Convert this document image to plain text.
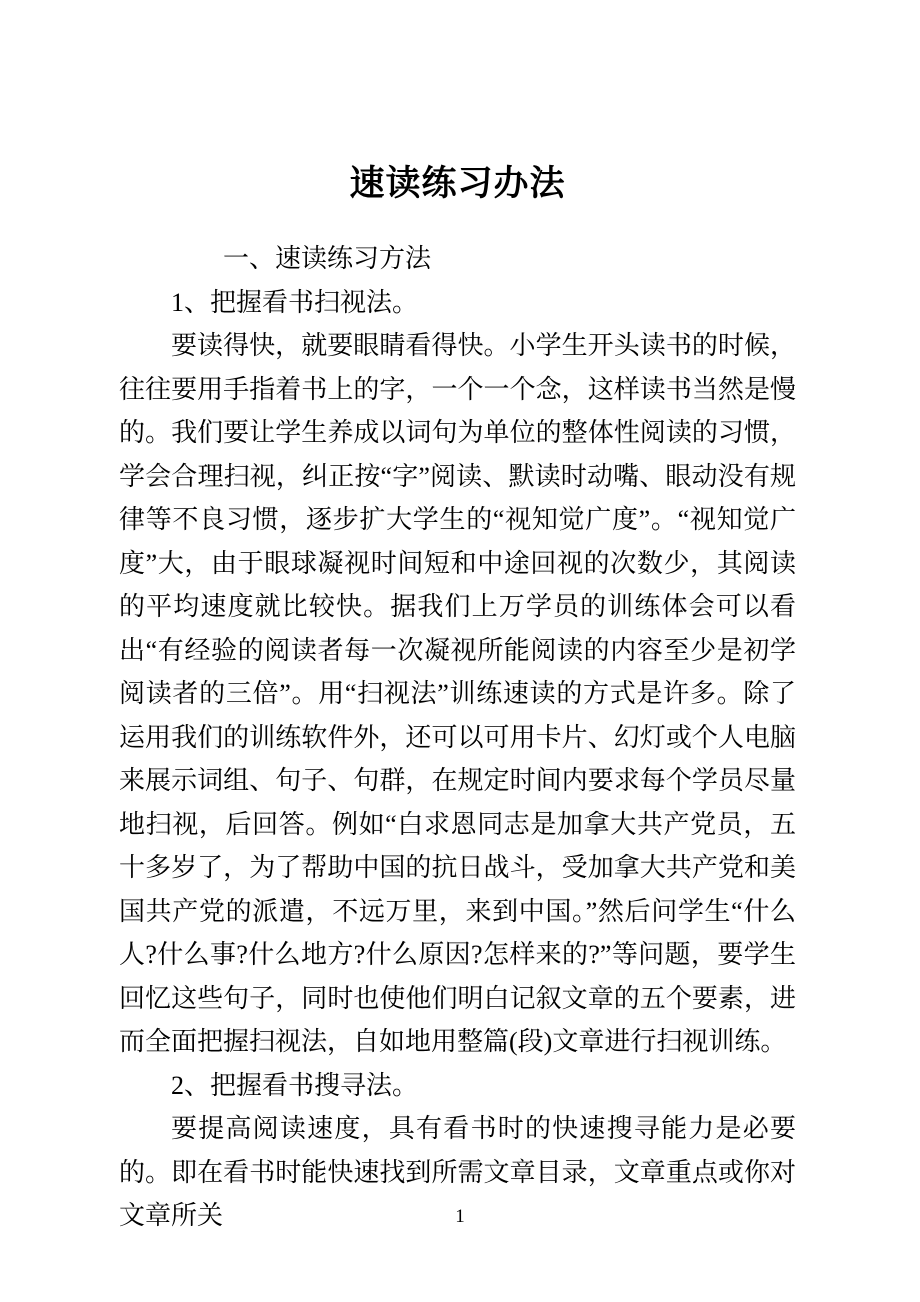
速读练习办法

一、速读练习方法

1、把握看书扫视法。

要读得快，就要眼睛看得快。小学生开头读书的时候，往往要用手指着书上的字，一个一个念，这样读书当然是慢的。我们要让学生养成以词句为单位的整体性阅读的习惯，学会合理扫视，纠正按“字”阅读、默读时动嘴、眼动没有规律等不良习惯，逐步扩大学生的“视知觉广度”。“视知觉广度”大，由于眼球凝视时间短和中途回视的次数少，其阅读的平均速度就比较快。据我们上万学员的训练体会可以看出“有经验的阅读者每一次凝视所能阅读的内容至少是初学阅读者的三倍”。用“扫视法”训练速读的方式是许多。除了运用我们的训练软件外，还可以可用卡片、幻灯或个人电脑来展示词组、句子、句群，在规定时间内要求每个学员尽量地扫视，后回答。例如“白求恩同志是加拿大共产党员，五十多岁了，为了帮助中国的抗日战斗，受加拿大共产党和美国共产党的派遣，不远万里，来到中国。”然后问学生“什么人?什么事?什么地方?什么原因?怎样来的?”等问题，要学生回忆这些句子，同时也使他们明白记叙文章的五个要素，进而全面把握扫视法，自如地用整篇(段)文章进行扫视训练。

2、把握看书搜寻法。

要提高阅读速度，具有看书时的快速搜寻能力是必要的。即在看书时能快速找到所需文章目录，文章重点或你对文章所关	1
